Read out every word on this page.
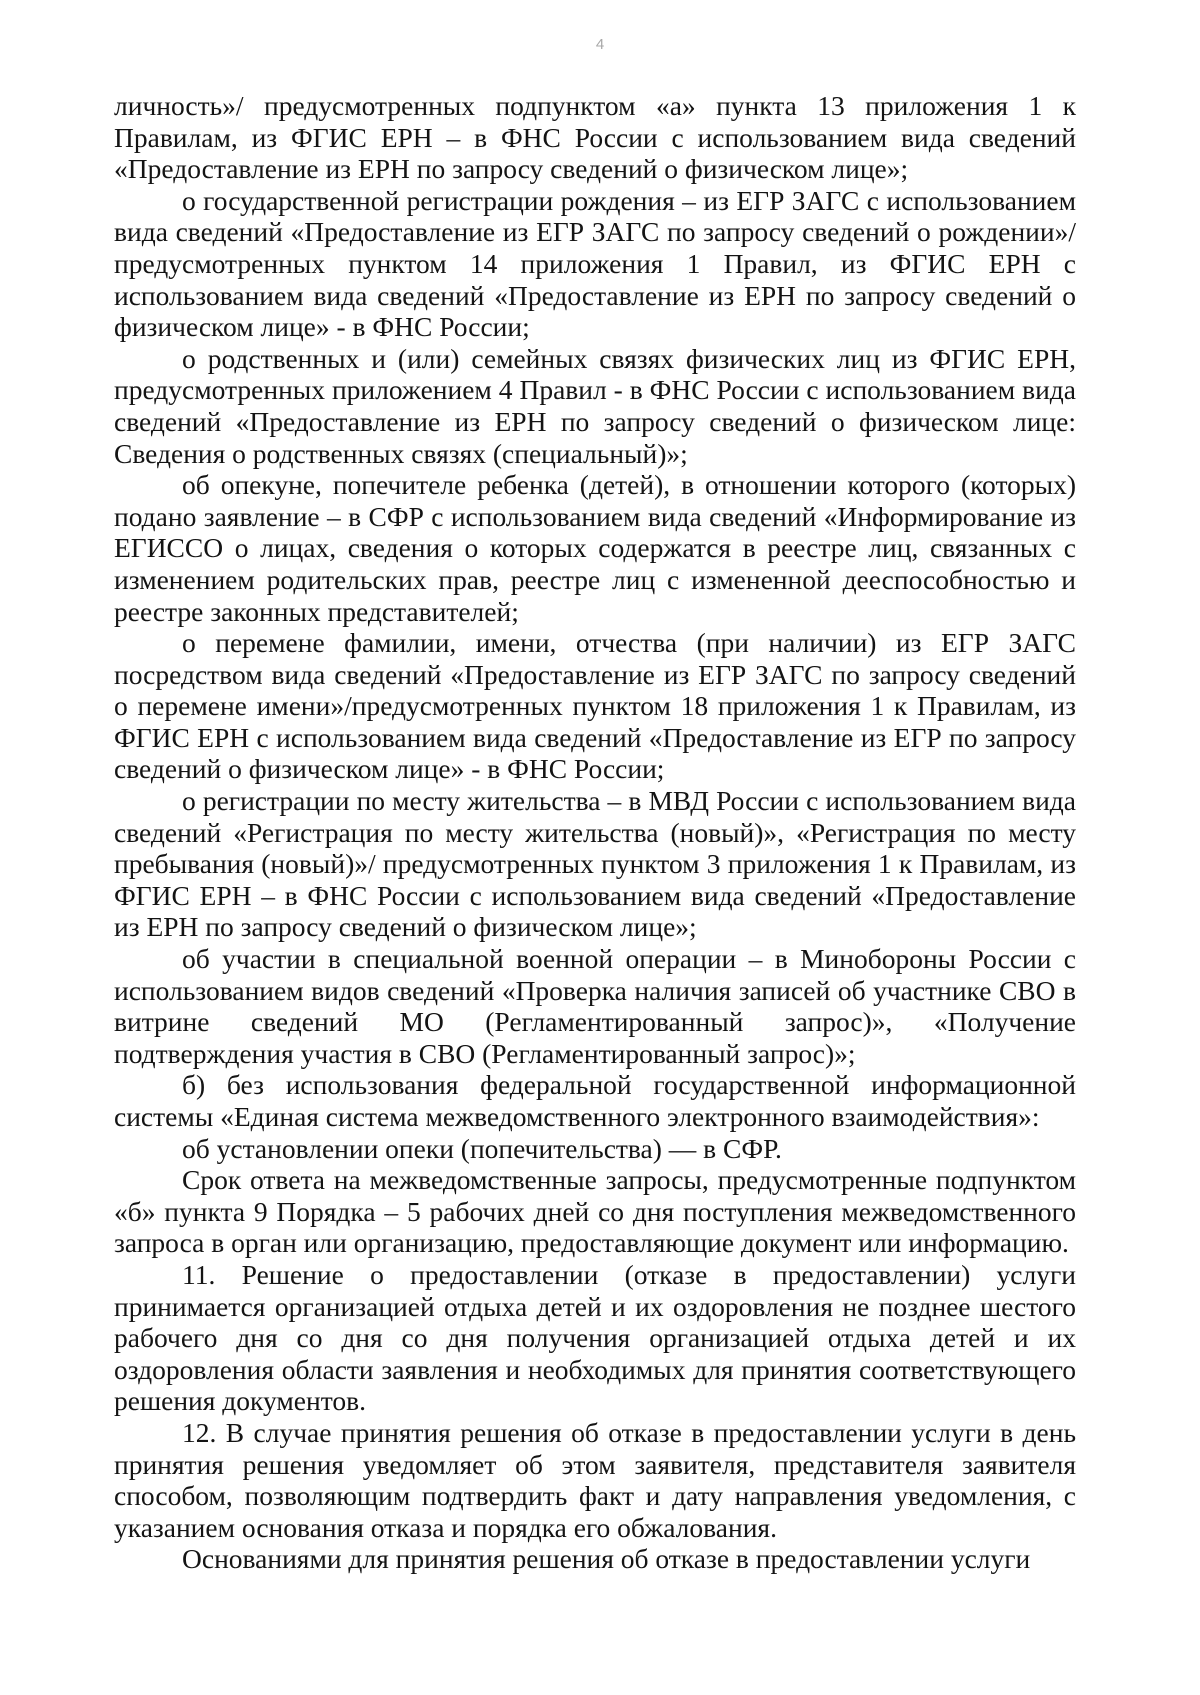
4

личность»/ предусмотренных подпунктом «а» пункта 13 приложения 1 к Правилам, из ФГИС ЕРН – в ФНС России с использованием вида сведений «Предоставление из ЕРН по запросу сведений о физическом лице»;

о государственной регистрации рождения – из ЕГР ЗАГС с использованием вида сведений «Предоставление из ЕГР ЗАГС по запросу сведений о рождении»/предусмотренных пунктом 14 приложения 1 Правил, из ФГИС ЕРН с использованием вида сведений «Предоставление из ЕРН по запросу сведений о физическом лице» - в ФНС России;

о родственных и (или) семейных связях физических лиц из ФГИС ЕРН, предусмотренных приложением 4 Правил - в ФНС России с использованием вида сведений «Предоставление из ЕРН по запросу сведений о физическом лице: Сведения о родственных связях (специальный)»;

об опекуне, попечителе ребенка (детей), в отношении которого (которых) подано заявление – в СФР с использованием вида сведений «Информирование из ЕГИССО о лицах, сведения о которых содержатся в реестре лиц, связанных с изменением родительских прав, реестре лиц с измененной дееспособностью и реестре законных представителей;

о перемене фамилии, имени, отчества (при наличии) из ЕГР ЗАГС посредством вида сведений «Предоставление из ЕГР ЗАГС по запросу сведений о перемене имени»/предусмотренных пунктом 18 приложения 1 к Правилам, из ФГИС ЕРН с использованием вида сведений «Предоставление из ЕГР по запросу сведений о физическом лице» - в ФНС России;

о регистрации по месту жительства – в МВД России с использованием вида сведений «Регистрация по месту жительства (новый)», «Регистрация по месту пребывания (новый)»/ предусмотренных пунктом 3 приложения 1 к Правилам, из ФГИС ЕРН – в ФНС России с использованием вида сведений «Предоставление из ЕРН по запросу сведений о физическом лице»;

об участии в специальной военной операции – в Минобороны России с использованием видов сведений «Проверка наличия записей об участнике СВО в витрине сведений МО (Регламентированный запрос)», «Получение подтверждения участия в СВО (Регламентированный запрос)»;

б) без использования федеральной государственной информационной системы «Единая система межведомственного электронного взаимодействия»:

об установлении опеки (попечительства) — в СФР.

Срок ответа на межведомственные запросы, предусмотренные подпунктом «б» пункта 9 Порядка – 5 рабочих дней со дня поступления межведомственного запроса в орган или организацию, предоставляющие документ или информацию.

11. Решение о предоставлении (отказе в предоставлении) услуги принимается организацией отдыха детей и их оздоровления не позднее шестого рабочего дня со дня со дня получения организацией отдыха детей и их оздоровления области заявления и необходимых для принятия соответствующего решения документов.

12. В случае принятия решения об отказе в предоставлении услуги в день принятия решения уведомляет об этом заявителя, представителя заявителя способом, позволяющим подтвердить факт и дату направления уведомления, с указанием основания отказа и порядка его обжалования.

Основаниями для принятия решения об отказе в предоставлении услуги
